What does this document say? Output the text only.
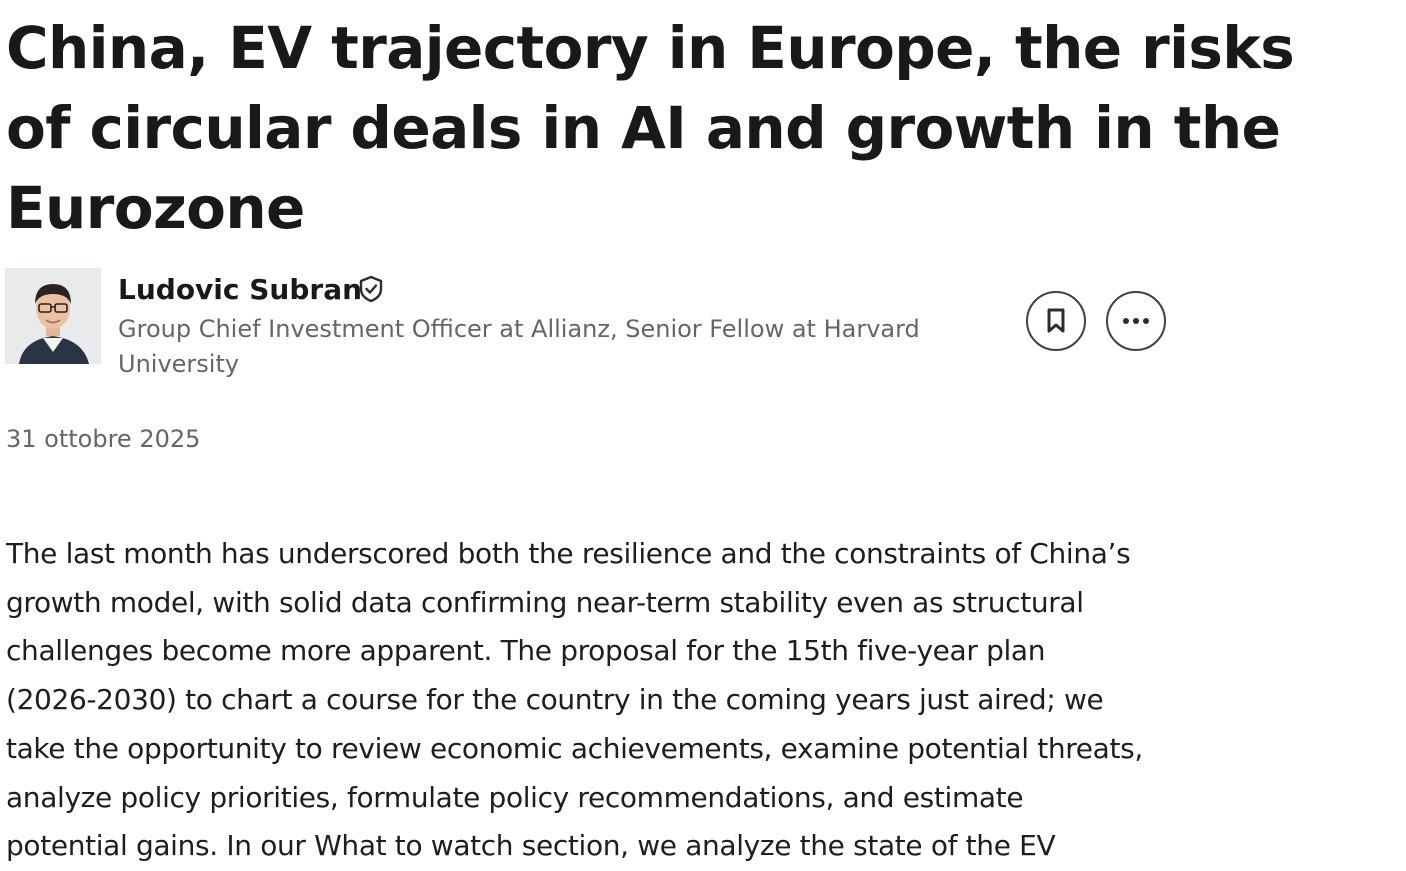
China, EV trajectory in Europe, the risks
of circular deals in AI and growth in the
Eurozone
Ludovic Subran
Group Chief Investment Officer at Allianz, Senior Fellow at Harvard
University
31 ottobre 2025
The last month has underscored both the resilience and the constraints of China’s
growth model, with solid data confirming near-term stability even as structural
challenges become more apparent. The proposal for the 15th five-year plan
(2026-2030) to chart a course for the country in the coming years just aired; we
take the opportunity to review economic achievements, examine potential threats,
analyze policy priorities, formulate policy recommendations, and estimate
potential gains. In our What to watch section, we analyze the state of the EV
